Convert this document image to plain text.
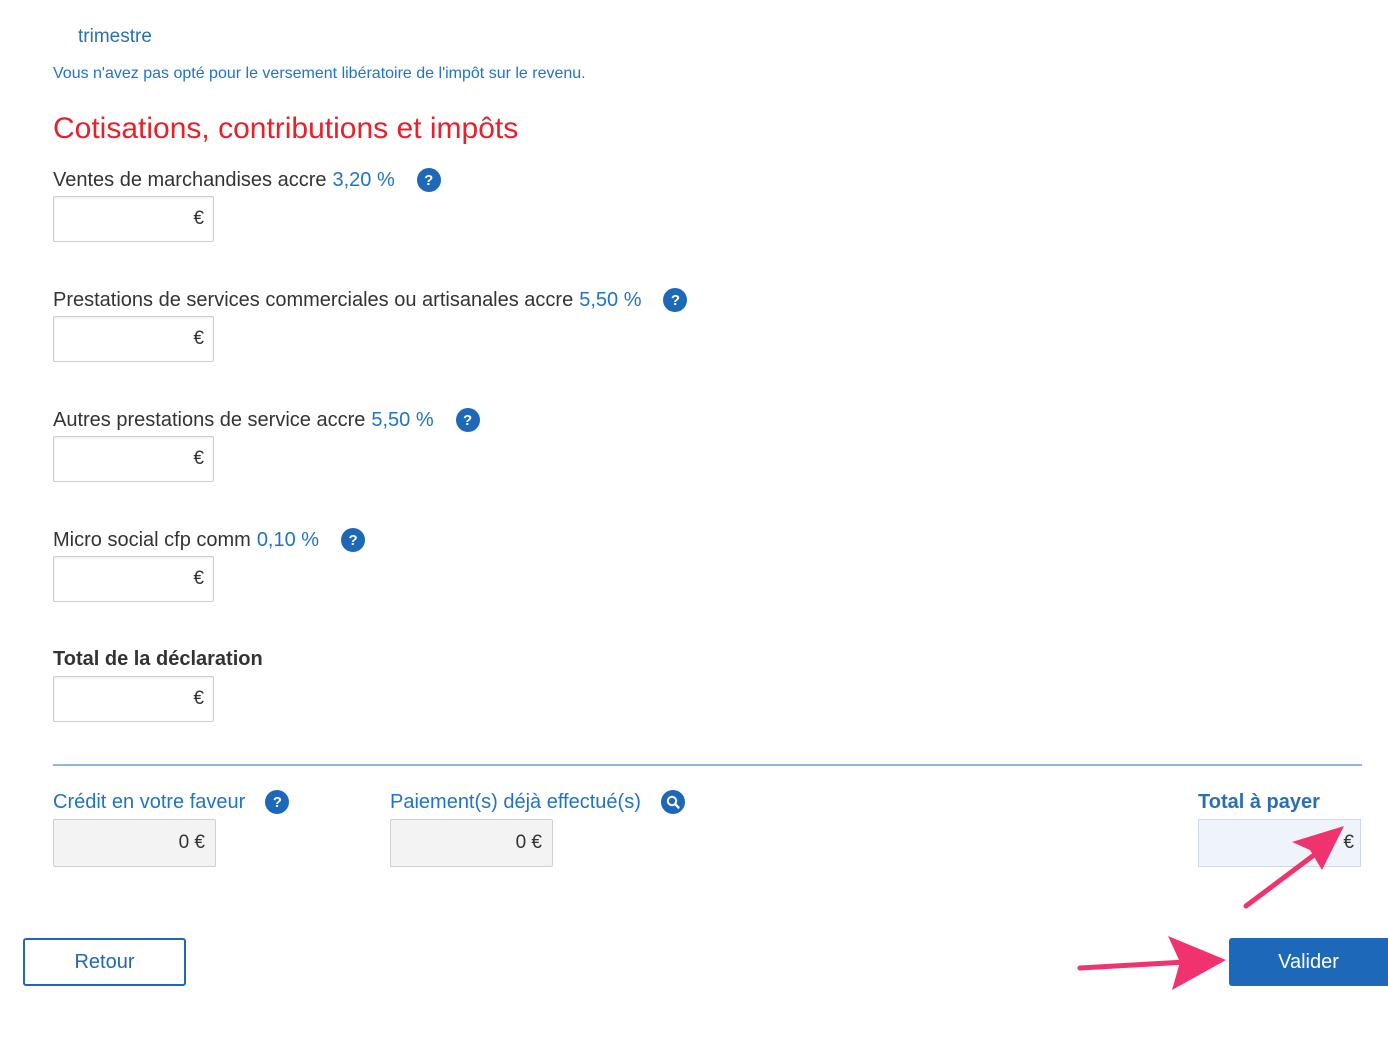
trimestre
Vous n'avez pas opté pour le versement libératoire de l'impôt sur le revenu.
Cotisations, contributions et impôts
Ventes de marchandises accre 3,20 %	?
€
Prestations de services commerciales ou artisanales accre 5,50 %	?
€
Autres prestations de service accre 5,50 %	?
€
Micro social cfp comm 0,10 %	?
€
Total de la déclaration
€
Crédit en votre faveur	?
0 €
Paiement(s) déjà effectué(s)
0 €
Total à payer
€
Retour	Valider
